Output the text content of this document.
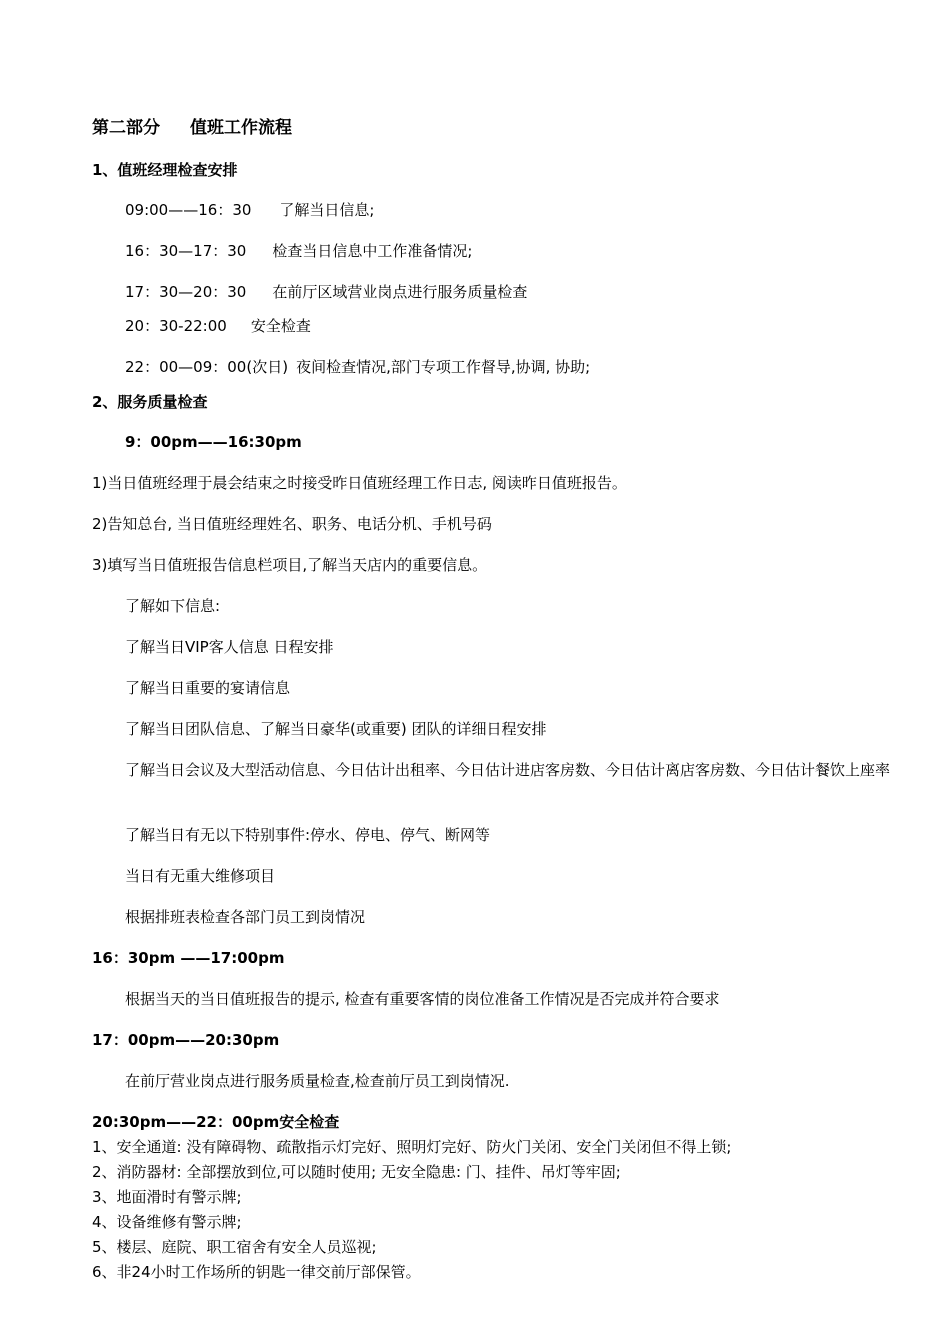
第二部分 值班工作流程
1、值班经理检查安排
09:00——16：30 了解当日信息;
16：30—17：30 检查当日信息中工作准备情况;
17：30—20：30 在前厅区域营业岗点进行服务质量检查
20：30-22:00 安全检查
22：00—09：00(次日) 夜间检查情况,部门专项工作督导,协调, 协助;
2、服务质量检查
9：00pm——16:30pm
1)当日值班经理于晨会结束之时接受昨日值班经理工作日志, 阅读昨日值班报告。
2)告知总台, 当日值班经理姓名、职务、电话分机、手机号码
3)填写当日值班报告信息栏项目,了解当天店内的重要信息。
了解如下信息:
了解当日VIP客人信息 日程安排
了解当日重要的宴请信息
了解当日团队信息、了解当日豪华(或重要) 团队的详细日程安排
了解当日会议及大型活动信息、今日估计出租率、今日估计进店客房数、今日估计离店客房数、今日估计餐饮上座率
了解当日有无以下特别事件:停水、停电、停气、断网等
当日有无重大维修项目
根据排班表检查各部门员工到岗情况
16：30pm ——17:00pm
根据当天的当日值班报告的提示, 检查有重要客情的岗位准备工作情况是否完成并符合要求
17：00pm——20:30pm
在前厅营业岗点进行服务质量检查,检查前厅员工到岗情况.
20:30pm——22：00pm安全检查
1、安全通道: 没有障碍物、疏散指示灯完好、照明灯完好、防火门关闭、安全门关闭但不得上锁;
2、消防器材: 全部摆放到位,可以随时使用; 无安全隐患: 门、挂件、吊灯等牢固;
3、地面滑时有警示牌;
4、设备维修有警示牌;
5、楼层、庭院、职工宿舍有安全人员巡视;
6、非24小时工作场所的钥匙一律交前厅部保管。
